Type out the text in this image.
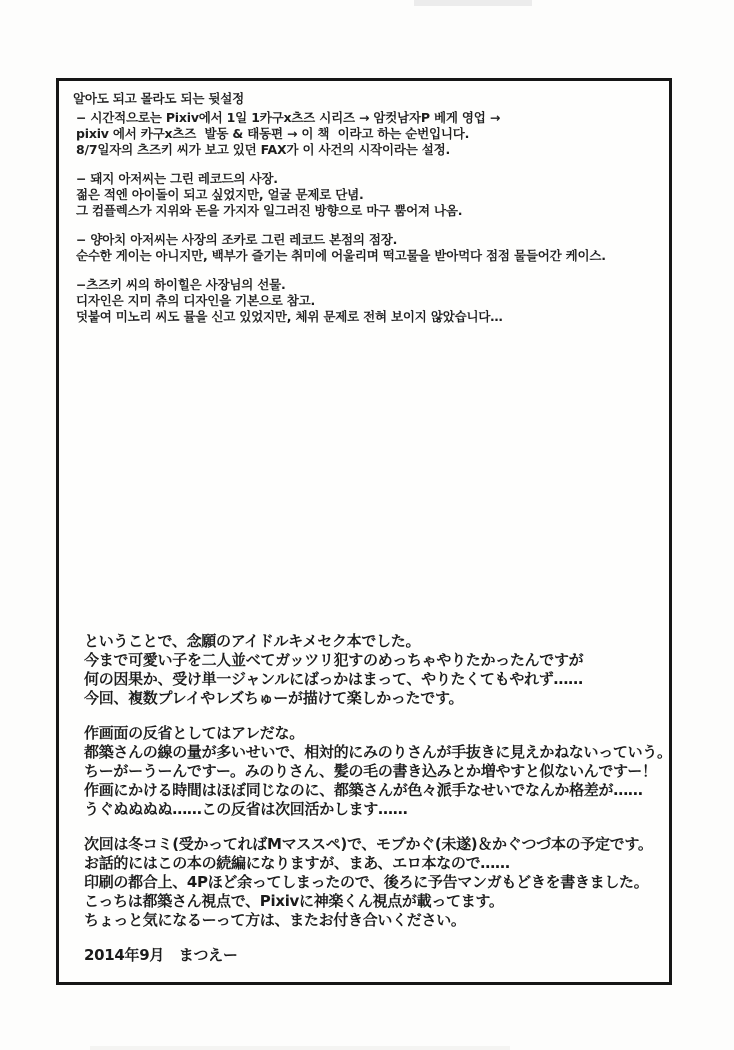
알아도 되고 몰라도 되는 뒷설정
− 시간적으로는 Pixiv에서 1일 1카구x츠즈 시리즈 → 암컷남자P 베게 영업 →
pixiv 에서 카구x츠즈  발동 & 태동편 → 이 책  이라고 하는 순번입니다.
8/7일자의 츠즈키 씨가 보고 있던 FAX가 이 사건의 시작이라는 설정.
− 돼지 아저씨는 그린 레코드의 사장.
젊은 적엔 아이돌이 되고 싶었지만, 얼굴 문제로 단념.
그 컴플렉스가 지위와 돈을 가지자 일그러진 방향으로 마구 뿜어져 나옴.
− 양아치 아저씨는 사장의 조카로 그린 레코드 본점의 점장.
순수한 게이는 아니지만, 백부가 즐기는 취미에 어울리며 떡고물을 받아먹다 점점 물들어간 케이스.
−츠즈키 씨의 하이힐은 사장님의 선물.
디자인은 지미 츄의 디자인을 기본으로 참고.
덧붙여 미노리 씨도 뮬을 신고 있었지만, 체위 문제로 전혀 보이지 않았습니다…
ということで、念願のアイドルキメセク本でした。
今まで可愛い子を二人並べてガッツリ犯すのめっちゃやりたかったんですが
何の因果か、受け単一ジャンルにばっかはまって、やりたくてもやれず……
今回、複数プレイやレズちゅーが描けて楽しかったです。
作画面の反省としてはアレだな。
都築さんの線の量が多いせいで、相対的にみのりさんが手抜きに見えかねないっていう。
ちーがーうーんですー。みのりさん、髪の毛の書き込みとか増やすと似ないんですー！
作画にかける時間はほぼ同じなのに、都築さんが色々派手なせいでなんか格差が……
うぐぬぬぬぬ……この反省は次回活かします……
次回は冬コミ(受かってればMマススペ)で、モブかぐ(未遂)＆かぐつづ本の予定です。
お話的にはこの本の続編になりますが、まあ、エロ本なので……
印刷の都合上、4Pほど余ってしまったので、後ろに予告マンガもどきを書きました。
こっちは都築さん視点で、Pixivに神楽くん視点が載ってます。
ちょっと気になるーって方は、またお付き合いください。
2014年9月　まつえー
